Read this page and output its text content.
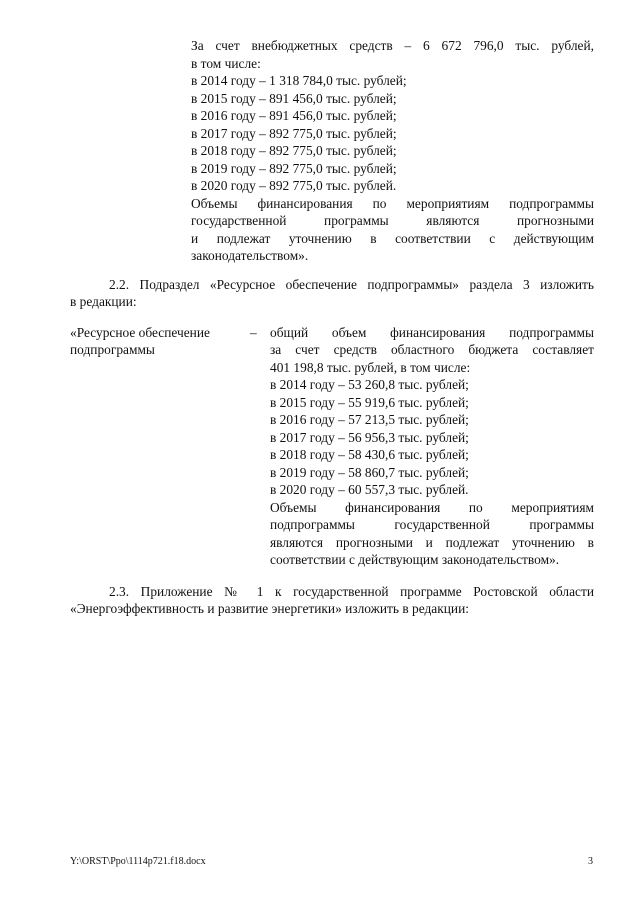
За счет внебюджетных средств – 6 672 796,0 тыс. рублей,
в том числе:
в 2014 году – 1 318 784,0 тыс. рублей;
в 2015 году – 891 456,0 тыс. рублей;
в 2016 году – 891 456,0 тыс. рублей;
в 2017 году – 892 775,0 тыс. рублей;
в 2018 году – 892 775,0 тыс. рублей;
в 2019 году – 892 775,0 тыс. рублей;
в 2020 году – 892 775,0 тыс. рублей.
Объемы финансирования по мероприятиям подпрограммы
государственной программы являются прогнозными
и подлежат уточнению в соответствии с действующим
законодательством».
2.2. Подраздел «Ресурсное обеспечение подпрограммы» раздела 3 изложить
в редакции:
«Ресурсное обеспечение
подпрограммы
– общий объем финансирования подпрограммы
за счет средств областного бюджета составляет
401 198,8 тыс. рублей, в том числе:
в 2014 году – 53 260,8 тыс. рублей;
в 2015 году – 55 919,6 тыс. рублей;
в 2016 году – 57 213,5 тыс. рублей;
в 2017 году – 56 956,3 тыс. рублей;
в 2018 году – 58 430,6 тыс. рублей;
в 2019 году – 58 860,7 тыс. рублей;
в 2020 году – 60 557,3 тыс. рублей.
Объемы финансирования по мероприятиям
подпрограммы государственной программы
являются прогнозными и подлежат уточнению в
соответствии с действующим законодательством».
2.3. Приложение № 1 к государственной программе Ростовской области
«Энергоэффективность и развитие энергетики» изложить в редакции:
Y:\ORST\Ppo\1114p721.f18.docx	3
